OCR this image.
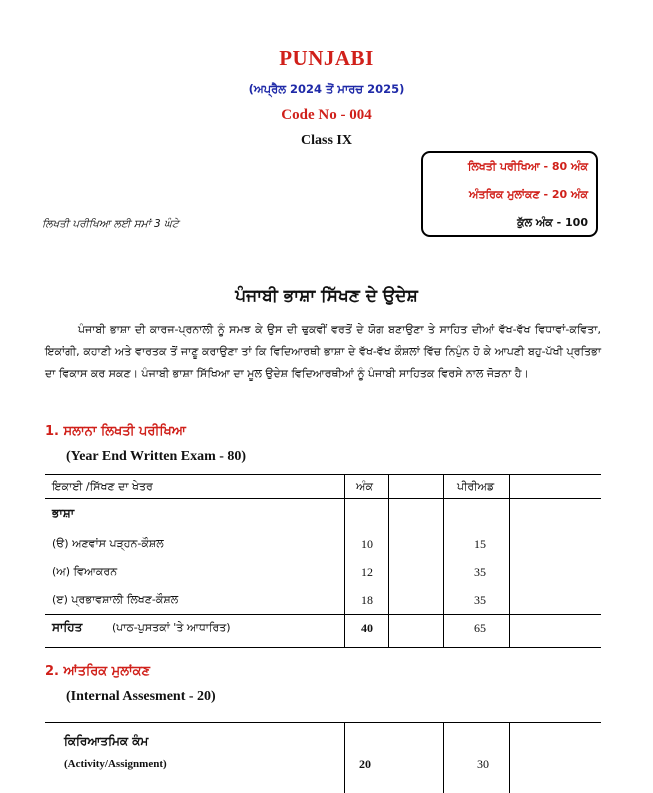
PUNJABI
(ਅਪ੍ਰੈਲ 2024 ਤੋਂ ਮਾਰਚ 2025)
Code No - 004
Class IX
ਲਿਖਤੀ ਪਰੀਖਿਆ - 80 ਅੰਕ
ਅੰਤਰਿਕ ਮੁਲਾਂਕਣ - 20 ਅੰਕ
ਕੁੱਲ ਅੰਕ - 100
ਲਿਖਤੀ ਪਰੀਖਿਆ ਲਈ ਸਮਾਂ 3 ਘੰਟੇ
ਪੰਜਾਬੀ ਭਾਸ਼ਾ ਸਿੱਖਣ ਦੇ ਉਦੇਸ਼
ਪੰਜਾਬੀ ਭਾਸ਼ਾ ਦੀ ਕਾਰਜ-ਪ੍ਰਨਾਲੀ ਨੂੰ ਸਮਝ ਕੇ ਉਸ ਦੀ ਢੁਕਵੀਂ ਵਰਤੋਂ ਦੇ ਯੋਗ ਬਣਾਉਣਾ ਤੇ ਸਾਹਿਤ ਦੀਆਂ ਵੱਖ-ਵੱਖ ਵਿਧਾਵਾਂ-ਕਵਿਤਾ, ਇਕਾਂਗੀ, ਕਹਾਣੀ ਅਤੇ ਵਾਰਤਕ ਤੋਂ ਜਾਣੂ ਕਰਾਉਣਾ ਤਾਂ ਕਿ ਵਿਦਿਆਰਥੀ ਭਾਸ਼ਾ ਦੇ ਵੱਖ-ਵੱਖ ਕੌਸ਼ਲਾਂ ਵਿੱਚ ਨਿਪੁੰਨ ਹੋ ਕੇ ਆਪਣੀ ਬਹੁ-ਪੱਖੀ ਪ੍ਰਤਿਭਾ ਦਾ ਵਿਕਾਸ ਕਰ ਸਕਣ। ਪੰਜਾਬੀ ਭਾਸ਼ਾ ਸਿੱਖਿਆ ਦਾ ਮੂਲ ਉਦੇਸ਼ ਵਿਦਿਆਰਥੀਆਂ ਨੂੰ ਪੰਜਾਬੀ ਸਾਹਿਤਕ ਵਿਰਸੇ ਨਾਲ ਜੋੜਨਾ ਹੈ।
1. ਸਲਾਨਾ ਲਿਖਤੀ ਪਰੀਖਿਆ
(Year End Written Exam - 80)
ਇਕਾਈ /ਸਿੱਖਣ ਦਾ ਖੇਤਰ	ਅੰਕ	ਪੀਰੀਅਡ
ਭਾਸ਼ਾ
(ੳ) ਅਣਵਾਂਸ ਪੜ੍ਹਨ-ਕੌਸ਼ਲ	10	15
(ਅ) ਵਿਆਕਰਨ	12	35
(ੲ) ਪ੍ਰਭਾਵਸ਼ਾਲੀ ਲਿਖਣ-ਕੌਸ਼ਲ	18	35
ਸਾਹਿਤ	(ਪਾਠ-ਪੁਸਤਕਾਂ 'ਤੇ ਆਧਾਰਿਤ)	40	65
2. ਆਂਤਰਿਕ ਮੁਲਾਂਕਣ
(Internal Assesment - 20)
ਕਿਰਿਆਤਮਿਕ ਕੰਮ
(Activity/Assignment)	20	30
